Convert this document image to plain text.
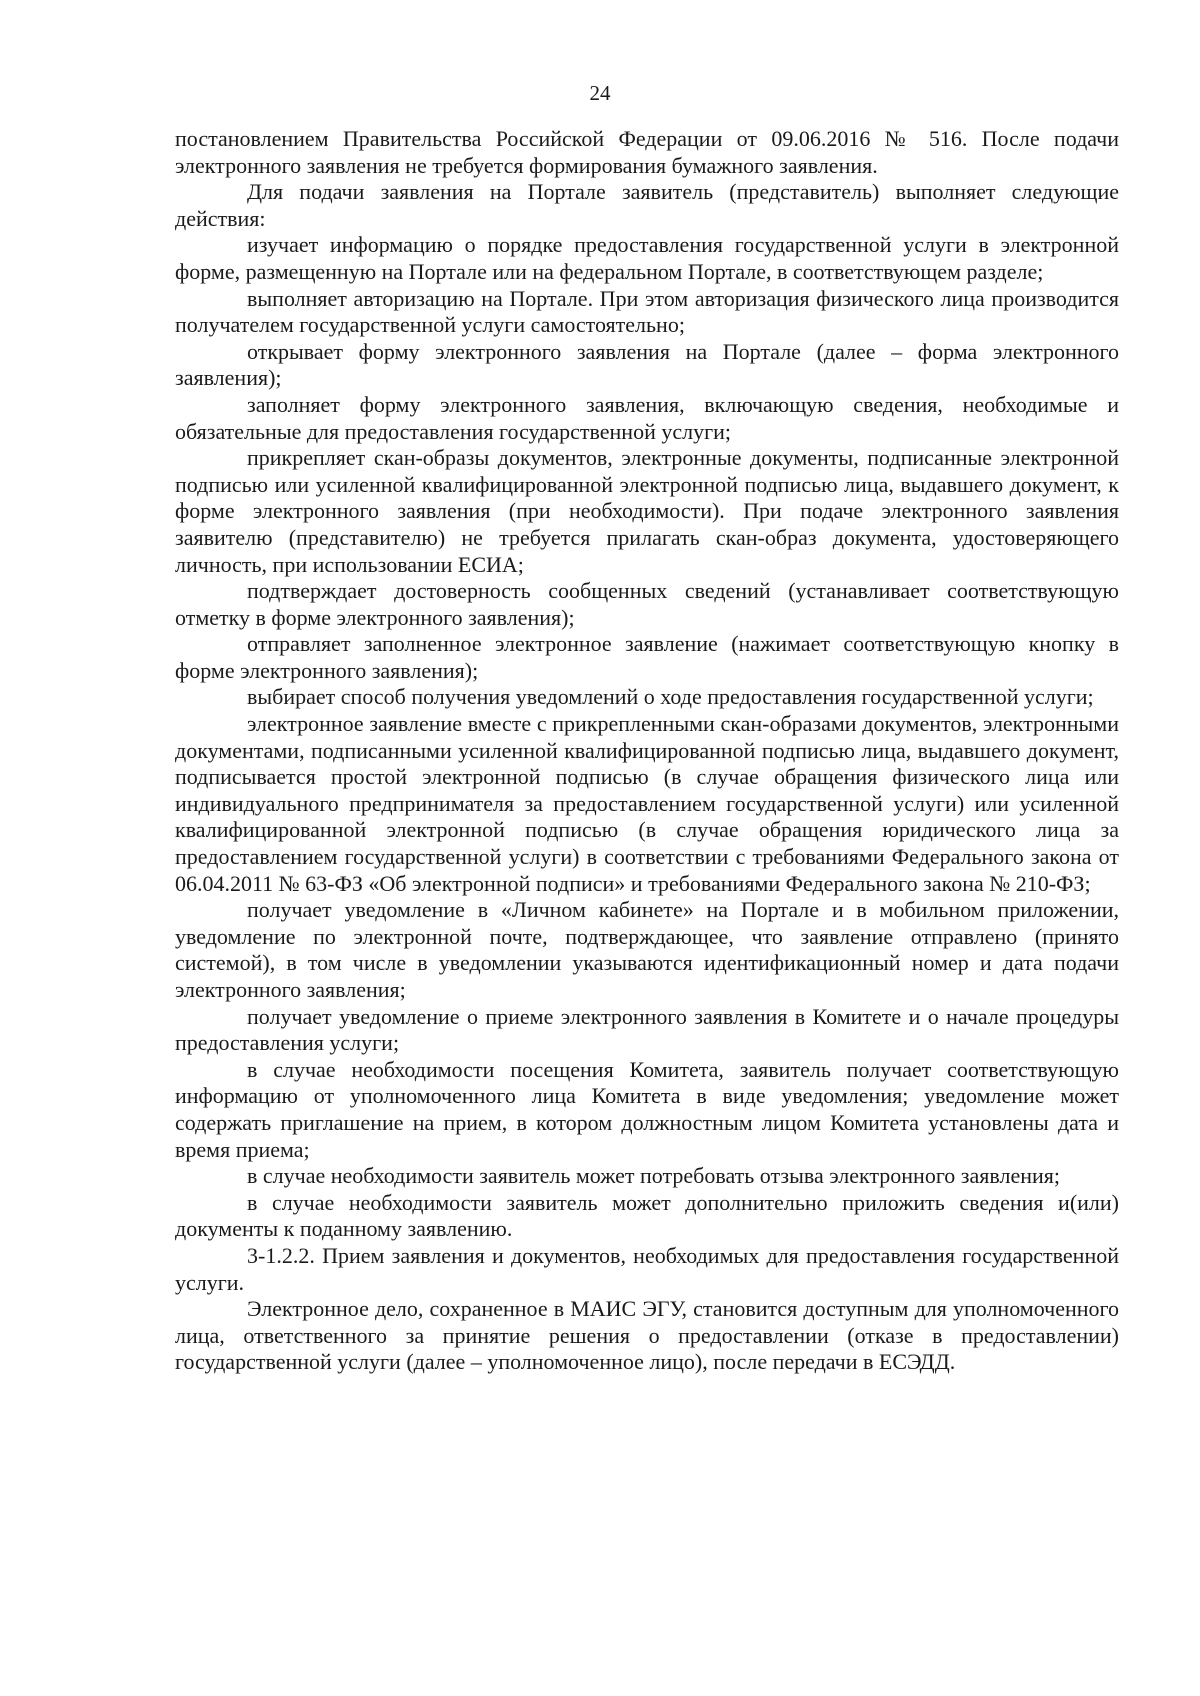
24

постановлением Правительства Российской Федерации от 09.06.2016 № 516. После подачи электронного заявления не требуется формирования бумажного заявления.

Для подачи заявления на Портале заявитель (представитель) выполняет следующие действия:

изучает информацию о порядке предоставления государственной услуги в электронной форме, размещенную на Портале или на федеральном Портале, в соответствующем разделе;

выполняет авторизацию на Портале. При этом авторизация физического лица производится получателем государственной услуги самостоятельно;

открывает форму электронного заявления на Портале (далее – форма электронного заявления);

заполняет форму электронного заявления, включающую сведения, необходимые и обязательные для предоставления государственной услуги;

прикрепляет скан-образы документов, электронные документы, подписанные электронной подписью или усиленной квалифицированной электронной подписью лица, выдавшего документ, к форме электронного заявления (при необходимости). При подаче электронного заявления заявителю (представителю) не требуется прилагать скан-образ документа, удостоверяющего личность, при использовании ЕСИА;

подтверждает достоверность сообщенных сведений (устанавливает соответствующую отметку в форме электронного заявления);

отправляет заполненное электронное заявление (нажимает соответствующую кнопку в форме электронного заявления);

выбирает способ получения уведомлений о ходе предоставления государственной услуги;

электронное заявление вместе с прикрепленными скан-образами документов, электронными документами, подписанными усиленной квалифицированной подписью лица, выдавшего документ, подписывается простой электронной подписью (в случае обращения физического лица или индивидуального предпринимателя за предоставлением государственной услуги) или усиленной квалифицированной электронной подписью (в случае обращения юридического лица за предоставлением государственной услуги) в соответствии с требованиями Федерального закона от 06.04.2011 № 63-ФЗ «Об электронной подписи» и требованиями Федерального закона № 210-ФЗ;

получает уведомление в «Личном кабинете» на Портале и в мобильном приложении, уведомление по электронной почте, подтверждающее, что заявление отправлено (принято системой), в том числе в уведомлении указываются идентификационный номер и дата подачи электронного заявления;

получает уведомление о приеме электронного заявления в Комитете и о начале процедуры предоставления услуги;

в случае необходимости посещения Комитета, заявитель получает соответствующую информацию от уполномоченного лица Комитета в виде уведомления; уведомление может содержать приглашение на прием, в котором должностным лицом Комитета установлены дата и время приема;

в случае необходимости заявитель может потребовать отзыва электронного заявления;

в случае необходимости заявитель может дополнительно приложить сведения и(или) документы к поданному заявлению.

3-1.2.2. Прием заявления и документов, необходимых для предоставления государственной услуги.

Электронное дело, сохраненное в МАИС ЭГУ, становится доступным для уполномоченного лица, ответственного за принятие решения о предоставлении (отказе в предоставлении) государственной услуги (далее – уполномоченное лицо), после передачи в ЕСЭДД.
